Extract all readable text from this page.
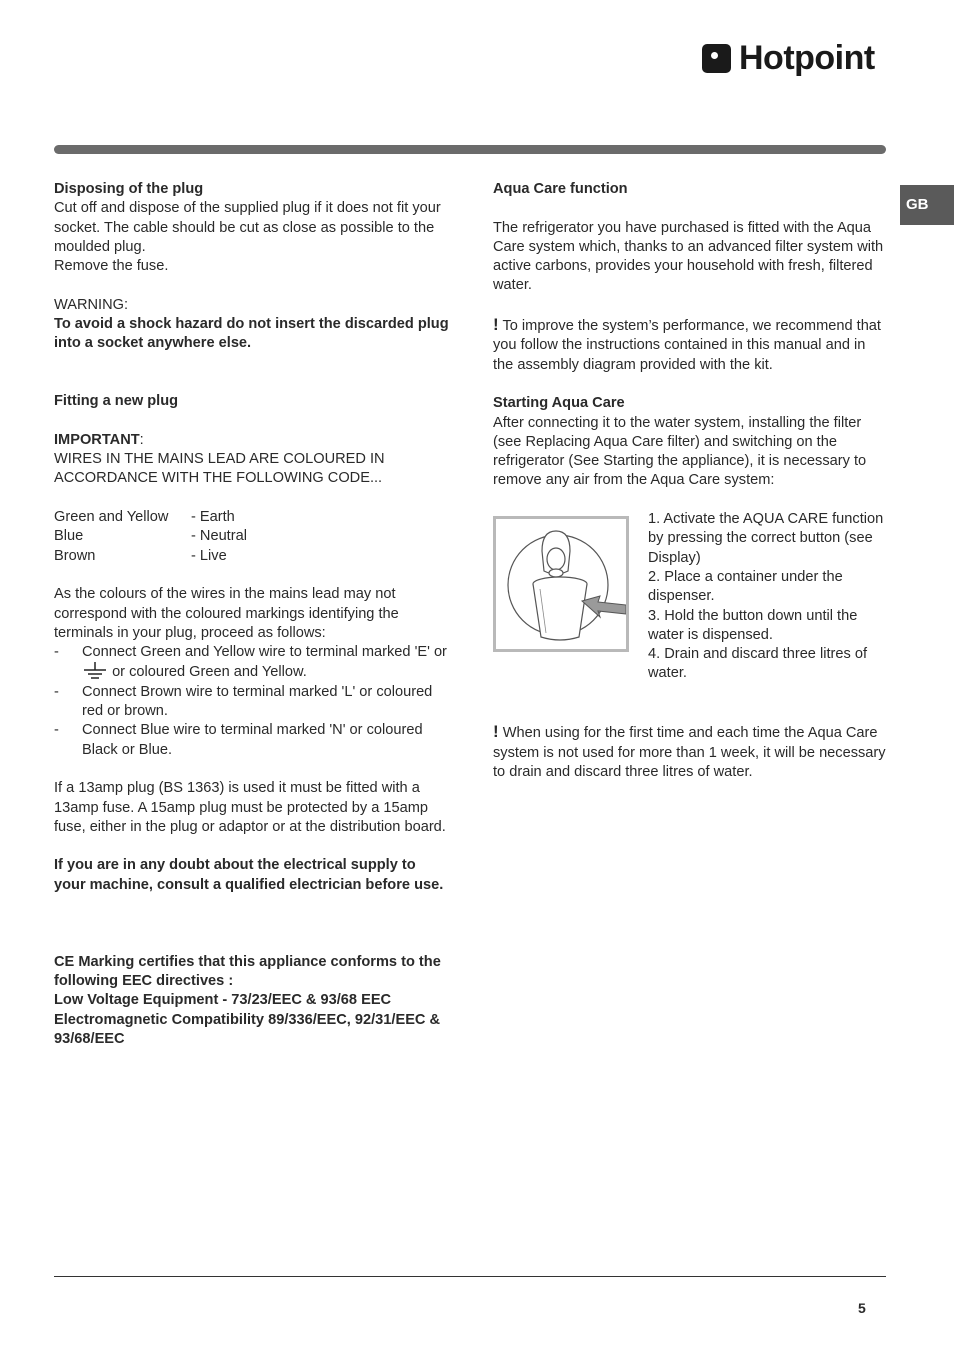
Hotpoint
GB

Disposing of the plug

Cut off and dispose of the supplied plug if it does not fit your socket. The cable should be cut as close as possible to the moulded plug.

Remove the fuse.

WARNING:

To avoid a shock hazard do not insert the discarded plug into a socket anywhere else.

Fitting a new plug

IMPORTANT:

WIRES IN THE MAINS LEAD ARE COLOURED IN ACCORDANCE WITH THE FOLLOWING CODE...

Green and Yellow	- Earth
Blue	- Neutral
Brown	- Live

As the colours of the wires in the mains lead may not correspond with the coloured markings identifying the terminals in your plug, proceed as follows:

- Connect Green and Yellow wire to terminal marked 'E' or  or coloured Green and Yellow.
- Connect Brown wire to terminal marked 'L' or coloured red or brown.
- Connect Blue wire to terminal marked 'N' or coloured Black or Blue.

If a 13amp plug (BS 1363) is used it must be fitted with a 13amp fuse. A 15amp plug must be protected by a 15amp fuse, either in the plug or adaptor or at the distribution board.

If you are in any doubt about the electrical supply to your machine, consult a qualified electrician before use.

CE Marking certifies that this appliance conforms to the following EEC directives :

Low Voltage Equipment - 73/23/EEC & 93/68 EEC

Electromagnetic Compatibility 89/336/EEC, 92/31/EEC & 93/68/EEC

Aqua Care function

The refrigerator you have purchased is fitted with the Aqua Care system which, thanks to an advanced filter system with active carbons, provides your household with fresh, filtered water.

! To improve the system’s performance, we recommend that you follow the instructions contained in this manual and in the assembly diagram provided with the kit.

Starting Aqua Care

After connecting it to the water system, installing the filter (see Replacing Aqua Care filter) and switching on the refrigerator (See Starting the appliance), it is necessary to remove any air from the Aqua Care system:

1. Activate the AQUA CARE function by pressing the correct button (see Display)

2. Place a container under the dispenser.

3. Hold the button down until the water is dispensed.

4. Drain and discard three litres of water.

! When using for the first time and each time the Aqua Care system is not used for more than 1 week, it will be necessary to drain and discard three litres of water.

5
